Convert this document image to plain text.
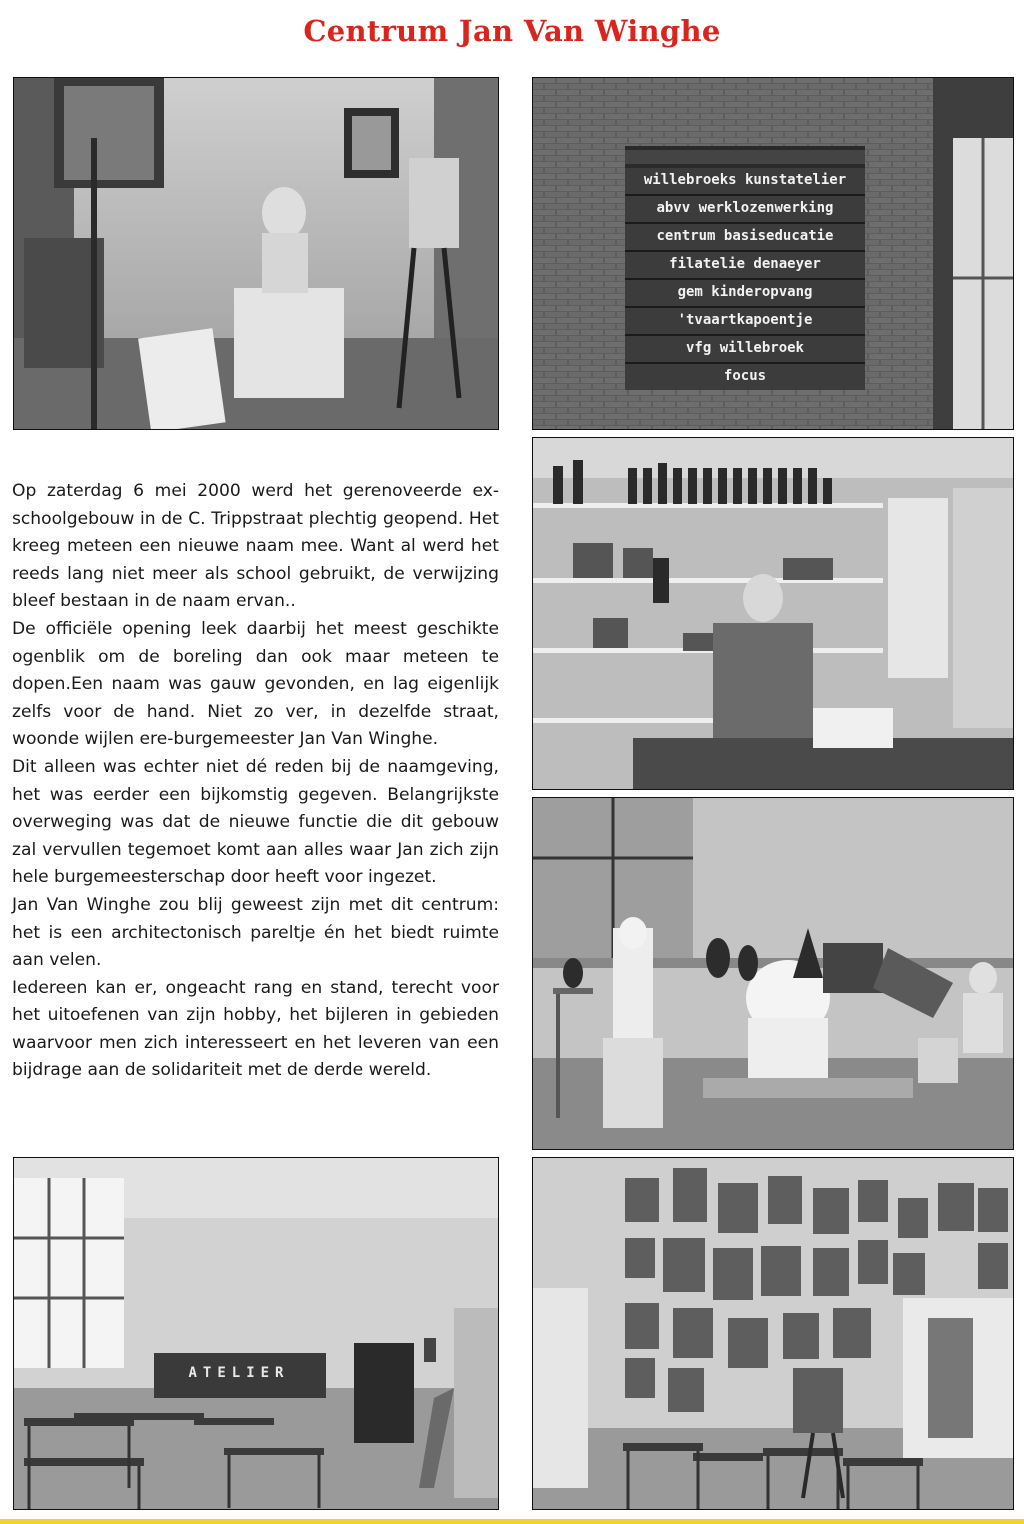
Centrum Jan Van Winghe
willebroeks kunstatelier
abvv werklozenwerking
centrum basiseducatie
filatelie denaeyer
gem kinderopvang
'tvaartkapoentje
vfg willebroek
focus
ATELIER

Op zaterdag 6 mei 2000 werd het gerenoveerde ex-schoolgebouw in de C. Trippstraat plechtig geopend. Het kreeg meteen een nieuwe naam mee. Want al werd het reeds lang niet meer als school gebruikt, de verwijzing bleef bestaan in de naam ervan..

De officiële opening leek daarbij het meest geschikte ogenblik om de boreling dan ook maar meteen te dopen.Een naam was gauw gevonden, en lag eigenlijk zelfs voor de hand. Niet zo ver, in dezelfde straat, woonde wijlen ere-burgemeester Jan Van Winghe.

Dit alleen was echter niet dé reden bij de naamgeving, het was eerder een bijkomstig gegeven. Belangrijkste overweging was dat de nieuwe functie die dit gebouw zal vervullen tegemoet komt aan alles waar Jan zich zijn hele burgemeesterschap door heeft voor ingezet.

Jan Van Winghe zou blij geweest zijn met dit centrum: het is een architectonisch pareltje én het biedt ruimte aan velen.

Iedereen kan er, ongeacht rang en stand, terecht voor het uitoefenen van zijn hobby, het bijleren in gebieden waarvoor men zich interesseert en het leveren van een bijdrage aan de solidariteit met de derde wereld.
